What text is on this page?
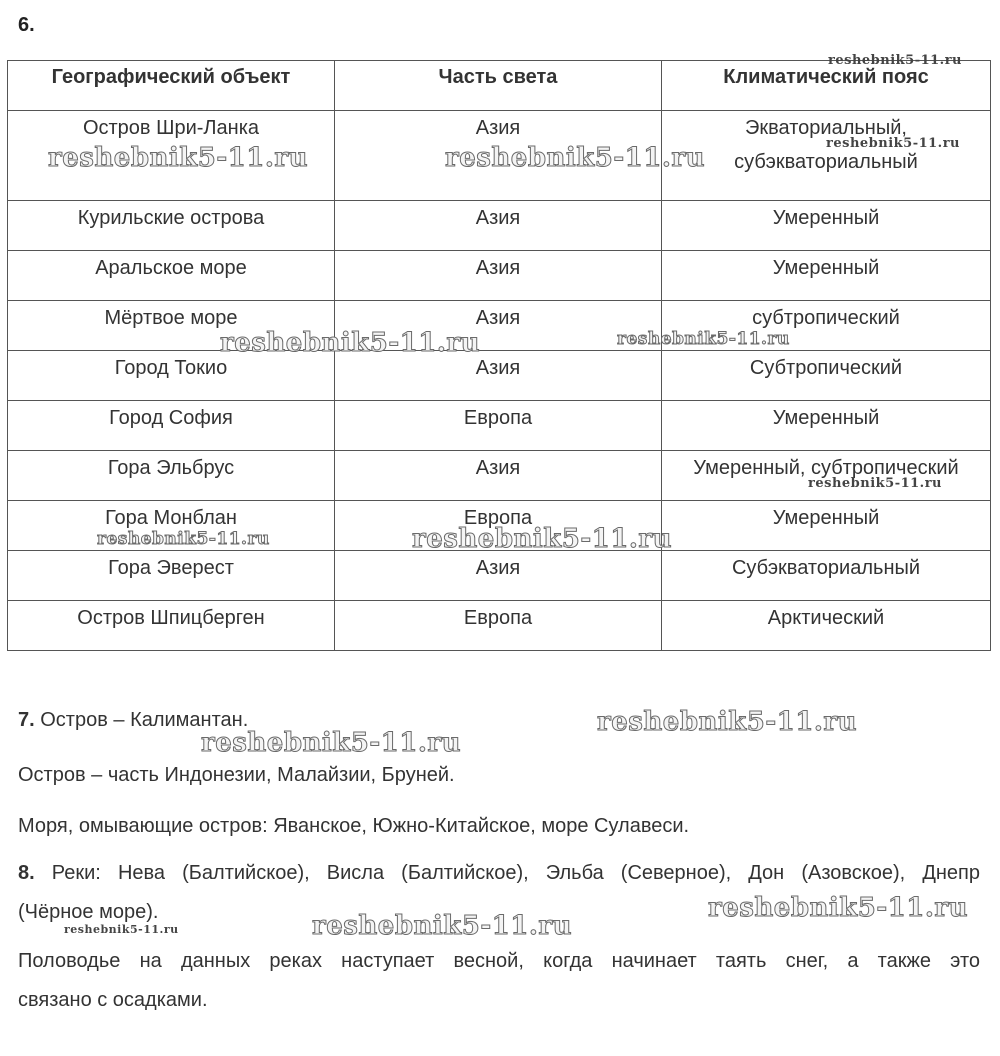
6.
Географический объект	Часть света	Климатический пояс
Остров Шри-Ланка	Азия	Экваториальный,
субэкваториальный

Курильские острова	Азия	Умеренный
Аральское море	Азия	Умеренный
Мёртвое море	Азия	субтропический
Город Токио	Азия	Субтропический
Город София	Европа	Умеренный
Гора Эльбрус	Азия	Умеренный, субтропический
Гора Монблан	Европа	Умеренный
Гора Эверест	Азия	Субэкваториальный
Остров Шпицберген	Европа	Арктический
7. Остров – Калимантан.
Остров – часть Индонезии, Малайзии, Бруней.
Моря, омывающие остров: Яванское, Южно-Китайское, море Сулавеси.
8. Реки: Нева (Балтийское), Висла (Балтийское), Эльба (Северное), Дон (Азовское), Днепр
(Чёрное море).
Половодье на данных реках наступает весной, когда начинает таять снег, а также это
связано с осадками.
reshebnik5-11.ru
reshebnik5-11.ru	reshebnik5-11.ru	reshebnik5-11.ru
reshebnik5-11.ru	reshebnik5-11.ru
reshebnik5-11.ru
reshebnik5-11.ru	reshebnik5-11.ru
reshebnik5-11.ru
reshebnik5-11.ru
reshebnik5-11.ru
reshebnik5-11.ru	reshebnik5-11.ru
